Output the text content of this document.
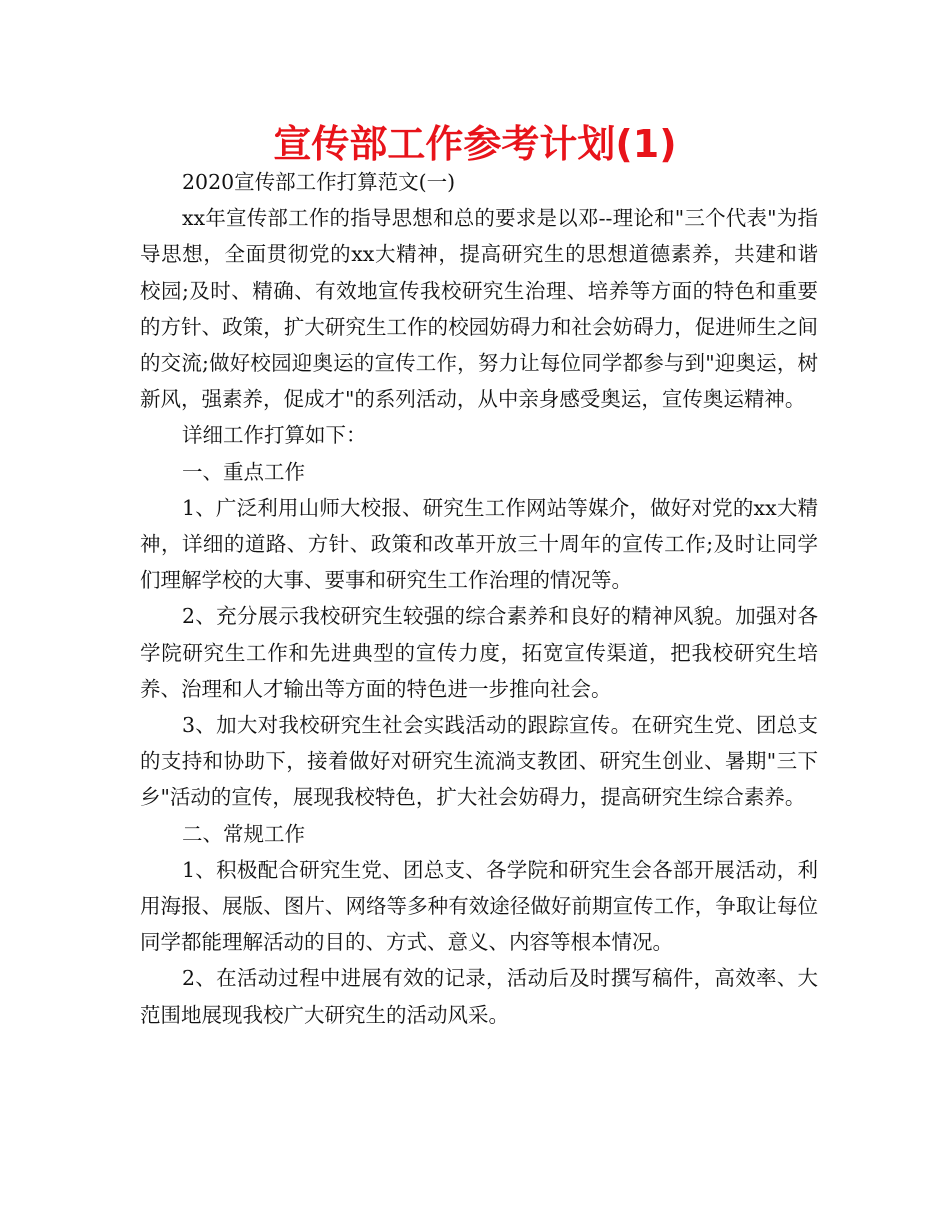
宣传部工作参考计划(1)

2020宣传部工作打算范文(一)

xx年宣传部工作的指导思想和总的要求是以邓--理论和"三个代表"为指导思想，全面贯彻党的xx大精神，提高研究生的思想道德素养，共建和谐校园;及时、精确、有效地宣传我校研究生治理、培养等方面的特色和重要的方针、政策，扩大研究生工作的校园妨碍力和社会妨碍力，促进师生之间的交流;做好校园迎奥运的宣传工作，努力让每位同学都参与到"迎奥运，树新风，强素养，促成才"的系列活动，从中亲身感受奥运，宣传奥运精神。

详细工作打算如下：

一、重点工作

1、广泛利用山师大校报、研究生工作网站等媒介，做好对党的xx大精神，详细的道路、方针、政策和改革开放三十周年的宣传工作;及时让同学们理解学校的大事、要事和研究生工作治理的情况等。

2、充分展示我校研究生较强的综合素养和良好的精神风貌。加强对各学院研究生工作和先进典型的宣传力度，拓宽宣传渠道，把我校研究生培养、治理和人才输出等方面的特色进一步推向社会。

3、加大对我校研究生社会实践活动的跟踪宣传。在研究生党、团总支的支持和协助下，接着做好对研究生流淌支教团、研究生创业、暑期"三下乡"活动的宣传，展现我校特色，扩大社会妨碍力，提高研究生综合素养。

二、常规工作

1、积极配合研究生党、团总支、各学院和研究生会各部开展活动，利用海报、展版、图片、网络等多种有效途径做好前期宣传工作，争取让每位同学都能理解活动的目的、方式、意义、内容等根本情况。

2、在活动过程中进展有效的记录，活动后及时撰写稿件，高效率、大范围地展现我校广大研究生的活动风采。
